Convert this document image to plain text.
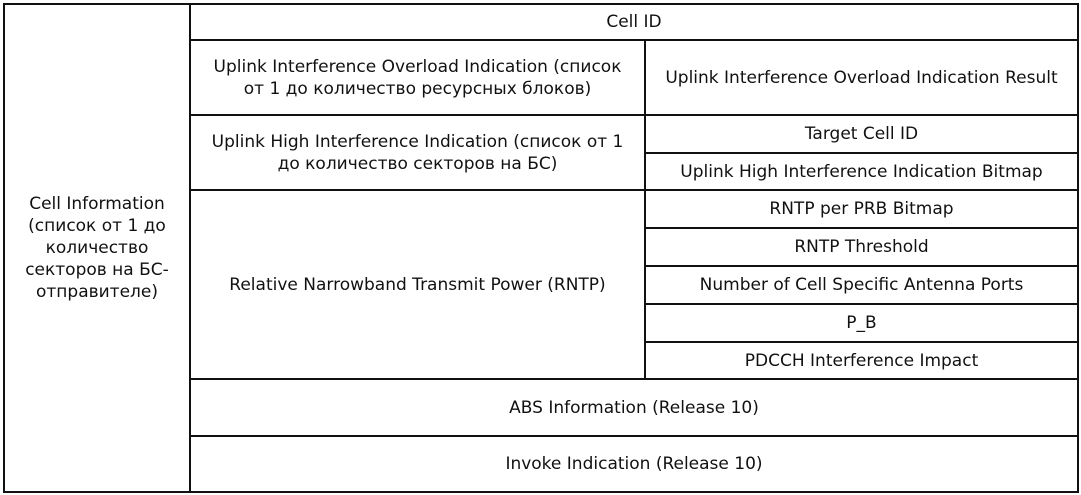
Cell Information (список от 1 до количество секторов на БС-отправителе)
Cell ID
Uplink Interference Overload Indication (список от 1 до количество ресурсных блоков)
Uplink Interference Overload Indication Result
Uplink High Interference Indication (список от 1 до количество секторов на БС)
Target Cell ID
Uplink High Interference Indication Bitmap
Relative Narrowband Transmit Power (RNTP)
RNTP per PRB Bitmap
RNTP Threshold
Number of Cell Specific Antenna Ports
P_B
PDCCH Interference Impact
ABS Information (Release 10)
Invoke Indication (Release 10)
